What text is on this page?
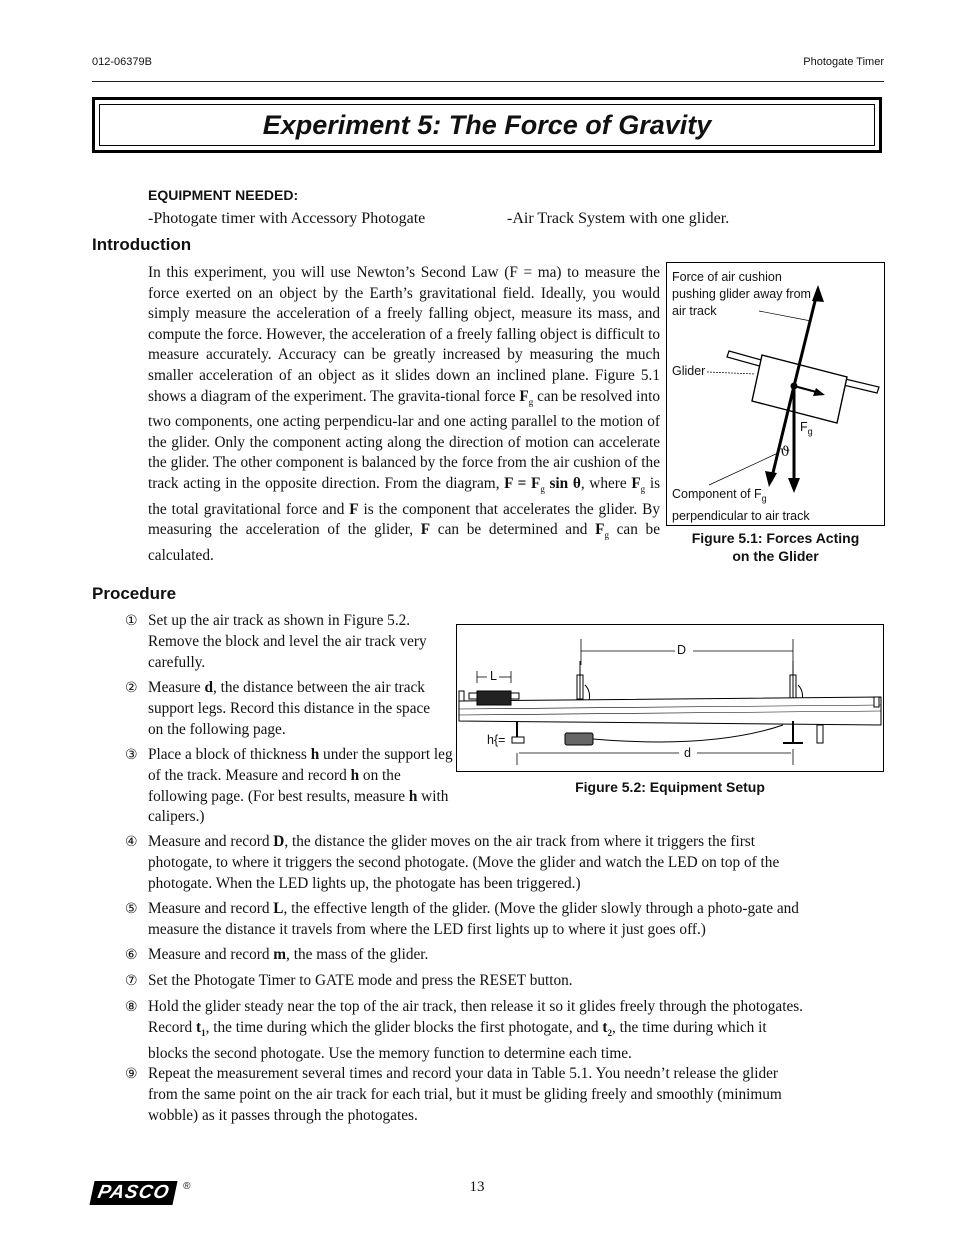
012-06379B	Photogate Timer
Experiment 5: The Force of Gravity
EQUIPMENT NEEDED:
-Photogate timer with Accessory Photogate	-Air Track System with one glider.
Introduction
In this experiment, you will use Newton’s Second Law (F = ma) to measure the force exerted on an object by the Earth’s gravitational field. Ideally, you would simply measure the acceleration of a freely falling object, measure its mass, and compute the force. However, the acceleration of a freely falling object is difficult to measure accurately. Accuracy can be greatly increased by measuring the much smaller acceleration of an object as it slides down an inclined plane. Figure 5.1 shows a diagram of the experiment. The gravita-tional force $F_g$ can be resolved into two components, one acting perpendicu-lar and one acting parallel to the motion of the glider. Only the component acting along the direction of motion can accelerate the glider. The other component is balanced by the force from the air cushion of the track acting in the opposite direction. From the diagram, $F = F_g$ sin θ, where $F_g$ is the total gravitational force and F is the component that accelerates the glider. By measuring the acceleration of the glider, F can be determined and $F_g$ can be calculated.
Force of air cushion pushing glider away from air track
Glider
$F_g$
ϑ
Component of $F_g$
perpendicular to air track
Figure 5.1: Forces Acting
on the Glider
Procedure
① Set up the air track as shown in Figure 5.2. Remove the block and level the air track very carefully.
② Measure d, the distance between the air track support legs. Record this distance in the space on the following page.
③ Place a block of thickness h under the support leg of the track. Measure and record h on the following page. (For best results, measure h with calipers.)
④ Measure and record D, the distance the glider moves on the air track from where it triggers the first photogate, to where it triggers the second photogate. (Move the glider and watch the LED on top of the photogate. When the LED lights up, the photogate has been triggered.)
⑤ Measure and record L, the effective length of the glider. (Move the glider slowly through a photo-gate and measure the distance it travels from where the LED first lights up to where it just goes off.)
⑥ Measure and record m, the mass of the glider.
⑦ Set the Photogate Timer to GATE mode and press the RESET button.
⑧ Hold the glider steady near the top of the air track, then release it so it glides freely through the photogates. Record $t_1$, the time during which the glider blocks the first photogate, and $t_2$, the time during which it blocks the second photogate. Use the memory function to determine each time.
⑨ Repeat the measurement several times and record your data in Table 5.1. You needn’t release the glider from the same point on the air track for each trial, but it must be gliding freely and smoothly (minimum wobble) as it passes through the photogates.
D
L
h{=
d
Figure 5.2: Equipment Setup
PASCO ®	13
